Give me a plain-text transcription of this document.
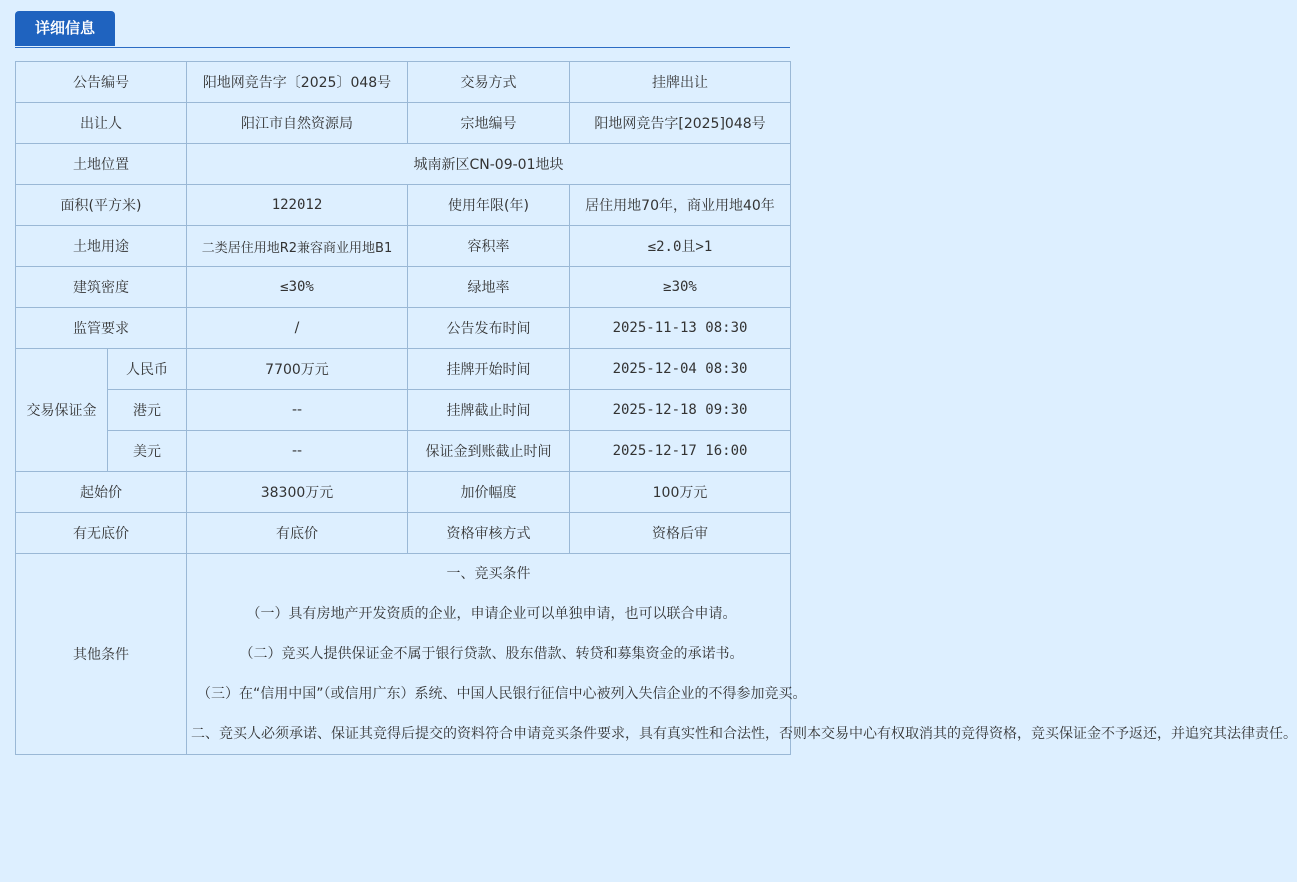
详细信息
公告编号		阳地网竞告字〔2025〕048号	交易方式	挂牌出让
出让人		阳江市自然资源局	宗地编号	阳地网竞告字[2025]048号
土地位置		城南新区CN-09-01地块		
面积(平方米)		122012	使用年限(年)	居住用地70年，商业用地40年
土地用途		二类居住用地R2兼容商业用地B1	容积率	≤2.0且>1
建筑密度		≤30%	绿地率	≥30%
监管要求		/	公告发布时间	2025-11-13 08:30
交易保证金	人民币	7700万元	挂牌开始时间	2025-12-04 08:30
	港元	--	挂牌截止时间	2025-12-18 09:30
	美元	--	保证金到账截止时间	2025-12-17 16:00
起始价		38300万元	加价幅度	100万元
有无底价		有底价	资格审核方式	资格后审
其他条件		一、竞买条件

（一）具有房地产开发资质的企业，申请企业可以单独申请，也可以联合申请。

（二）竞买人提供保证金不属于银行贷款、股东借款、转贷和募集资金的承诺书。

（三）在“信用中国”（或信用广东）系统、中国人民银行征信中心被列入失信企业的不得参加竞买。

二、竞买人必须承诺、保证其竞得后提交的资料符合申请竞买条件要求，具有真实性和合法性，否则本交易中心有权取消其的竞得资格，竞买保证金不予返还，并追究其法律责任。		
